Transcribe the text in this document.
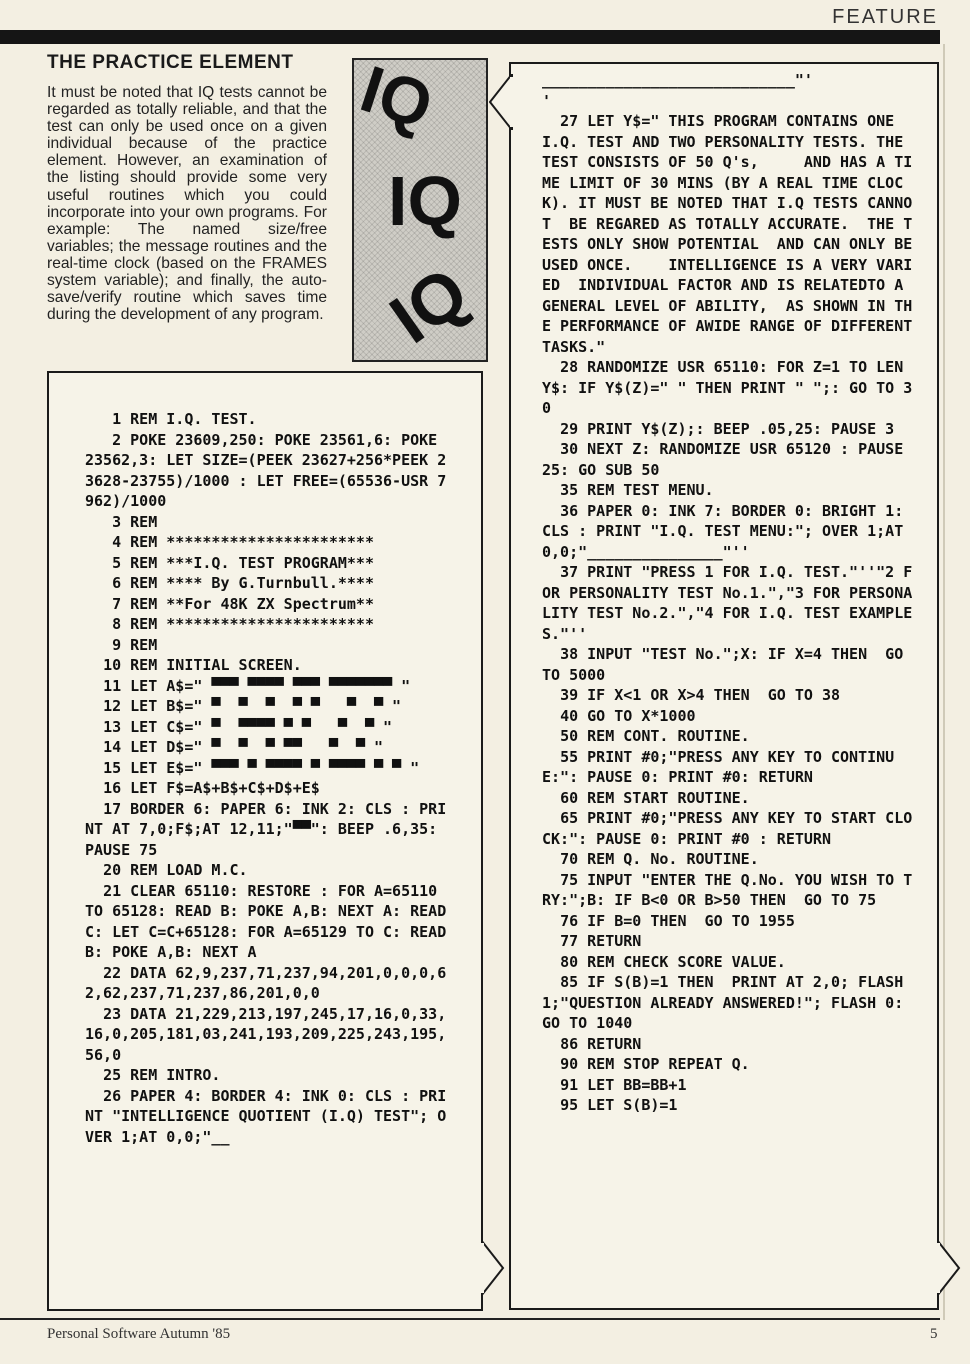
FEATURE
THE PRACTICE ELEMENT
It must be noted that IQ tests cannot be regarded as totally reliable, and that the test can only be used once on a given individual because of the practice element. However, an examination of the listing should provide some very useful routines which you could incorporate into your own programs. For example: The named size/free variables; the message routines and the real-time clock (based on the FRAMES system variable); and finally, the auto-save/verify routine which saves time during the development of any program.
IQ
IQ
IQ
1 REM I.Q. TEST.
2 POKE 23609,250: POKE 23561,6: POKE 23562,3: LET SIZE=(PEEK 23627+256*PEEK 23628-23755)/1000 : LET FREE=(65536-USR 7962)/1000
3 REM
4 REM ***********************
5 REM ***I.Q. TEST PROGRAM***
6 REM **** By G.Turnbull.****
7 REM **For 48K ZX Spectrum**
8 REM ***********************
9 REM
10 REM INITIAL SCREEN.
11 LET A$=" ▀▀▀ ▀▀▀▀ ▀▀▀ ▀▀▀▀▀▀▀ "
12 LET B$=" ▀  ▀  ▀  ▀ ▀   ▀  ▀ "
13 LET C$=" ▀  ▀▀▀▀ ▀ ▀   ▀  ▀ "
14 LET D$=" ▀  ▀  ▀ ▀▀   ▀  ▀ "
15 LET E$=" ▀▀▀ ▀ ▀▀▀▀ ▀ ▀▀▀▀ ▀ ▀ "
16 LET F$=A$+B$+C$+D$+E$
17 BORDER 6: PAPER 6: INK 2: CLS : PRINT AT 7,0;F$;AT 12,11;"▀▀": BEEP .6,35: PAUSE 75
20 REM LOAD M.C.
21 CLEAR 65110: RESTORE : FOR A=65110 TO 65128: READ B: POKE A,B: NEXT A: READ C: LET C=C+65128: FOR A=65129 TO C: READ B: POKE A,B: NEXT A
22 DATA 62,9,237,71,237,94,201,0,0,0,62,62,237,71,237,86,201,0,0
23 DATA 21,229,213,197,245,17,16,0,33,16,0,205,181,03,241,193,209,225,243,195,56,0
25 REM INTRO.
26 PAPER 4: BORDER 4: INK 0: CLS : PRINT "INTELLIGENCE QUOTIENT (I.Q) TEST"; OVER 1;AT 0,0;"__
____________________________"'
'
27 LET Y$=" THIS PROGRAM CONTAINS ONE I.Q. TEST AND TWO PERSONALITY TESTS. THE TEST CONSISTS OF 50 Q's,     AND HAS A TIME LIMIT OF 30 MINS (BY A REAL TIME CLOCK). IT MUST BE NOTED THAT I.Q TESTS CANNOT  BE REGARED AS TOTALLY ACCURATE.  THE TESTS ONLY SHOW POTENTIAL  AND CAN ONLY BE USED ONCE.    INTELLIGENCE IS A VERY VARIED  INDIVIDUAL FACTOR AND IS RELATEDTO A GENERAL LEVEL OF ABILITY,  AS SHOWN IN THE PERFORMANCE OF AWIDE RANGE OF DIFFERENT TASKS."
28 RANDOMIZE USR 65110: FOR Z=1 TO LEN Y$: IF Y$(Z)=" " THEN PRINT " ";: GO TO 30
29 PRINT Y$(Z);: BEEP .05,25: PAUSE 3
30 NEXT Z: RANDOMIZE USR 65120 : PAUSE 25: GO SUB 50
35 REM TEST MENU.
36 PAPER 0: INK 7: BORDER 0: BRIGHT 1: CLS : PRINT "I.Q. TEST MENU:"; OVER 1;AT 0,0;"_______________"''
37 PRINT "PRESS 1 FOR I.Q. TEST."''"2 FOR PERSONALITY TEST No.1.","3 FOR PERSONALITY TEST No.2.","4 FOR I.Q. TEST EXAMPLES."''
38 INPUT "TEST No.";X: IF X=4 THEN  GO TO 5000
39 IF X<1 OR X>4 THEN  GO TO 38
40 GO TO X*1000
50 REM CONT. ROUTINE.
55 PRINT #0;"PRESS ANY KEY TO CONTINUE:": PAUSE 0: PRINT #0: RETURN
60 REM START ROUTINE.
65 PRINT #0;"PRESS ANY KEY TO START CLOCK:": PAUSE 0: PRINT #0 : RETURN
70 REM Q. No. ROUTINE.
75 INPUT "ENTER THE Q.No. YOU WISH TO TRY:";B: IF B<0 OR B>50 THEN  GO TO 75
76 IF B=0 THEN  GO TO 1955
77 RETURN
80 REM CHECK SCORE VALUE.
85 IF S(B)=1 THEN  PRINT AT 2,0; FLASH 1;"QUESTION ALREADY ANSWERED!"; FLASH 0: GO TO 1040
86 RETURN
90 REM STOP REPEAT Q.
91 LET BB=BB+1
95 LET S(B)=1
Personal Software Autumn '85	5
